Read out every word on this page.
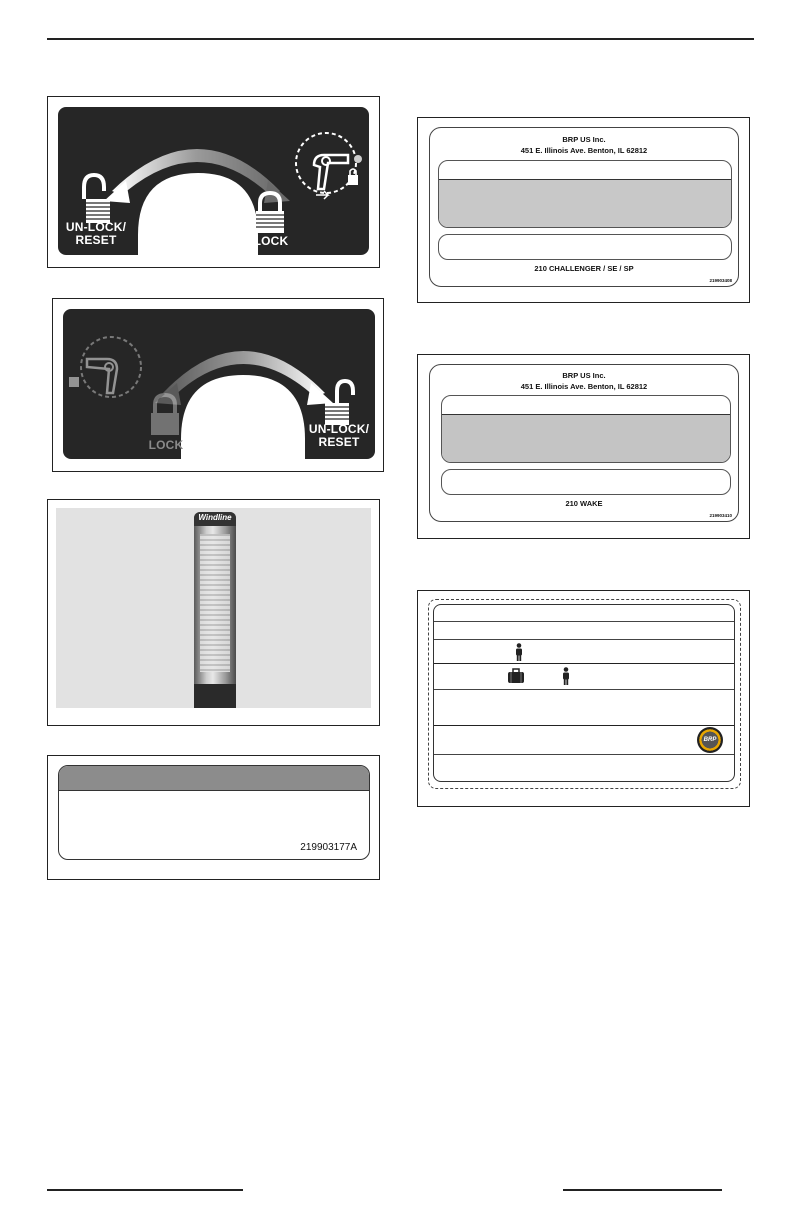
UN-LOCK/
RESET	LOCK
LOCK
UN-LOCK/
RESET
Windline
219903177A
BRP US Inc.
451 E. Illinois Ave. Benton, IL 62812
210 CHALLENGER / SE / SP
219903408
BRP US Inc.
451 E. Illinois Ave. Benton, IL 62812
210 WAKE
219903410
BRP
